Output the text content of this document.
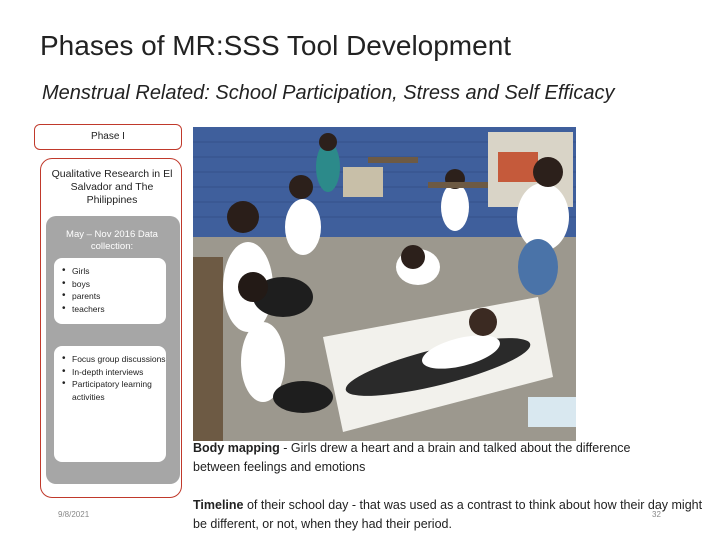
Phases of MR:SSS Tool Development
Menstrual Related: School Participation, Stress and Self Efficacy
Phase I
Qualitative Research in El Salvador and The Philippines
May – Nov 2016 Data collection:
• Girls
• boys
• parents
• teachers
• Focus group discussions
• In-depth interviews
• Participatory learning activities
Body mapping - Girls drew a heart and a brain and talked about the difference between feelings and emotions
Timeline of their school day - that was used as a contrast to think about how their day might be different, or not, when they had their period.
9/8/2021	32
